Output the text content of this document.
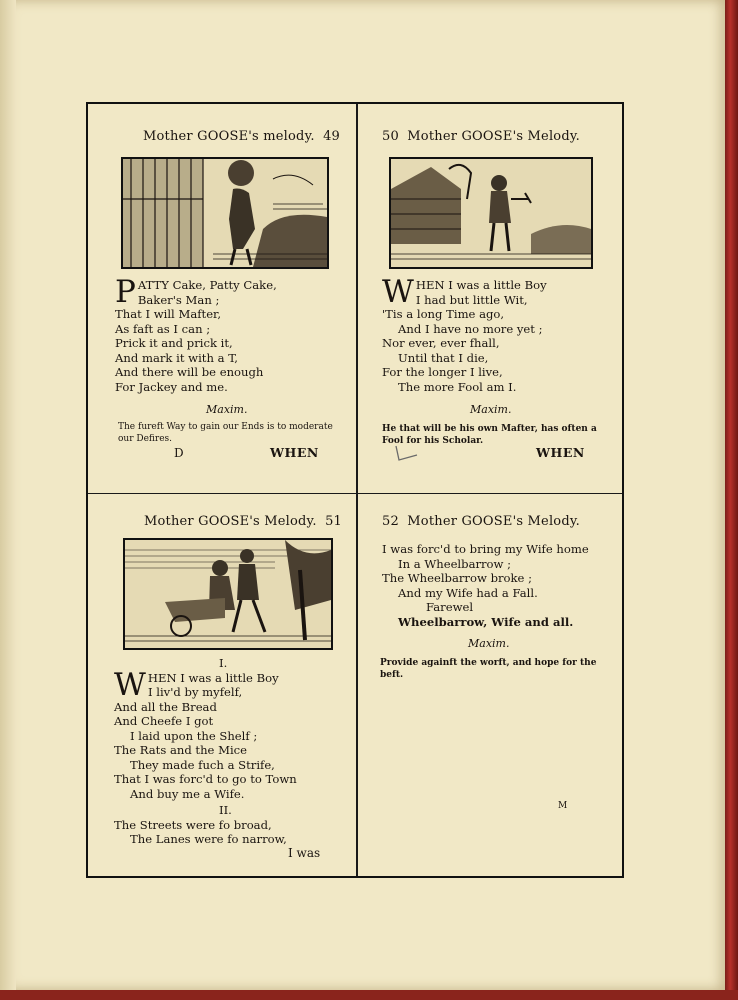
Mother GOOSE's melody. 49
P ATTY Cake, Patty Cake,
Baker's Man ;
That I will Mafter,
As faft as I can ;
Prick it and prick it,
And mark it with a T,
And there will be enough
For Jackey and me.
Maxim.
The fureft Way to gain our Ends is to moderate our Defires.
D	WHEN
50 Mother GOOSE's Melody.
W HEN I was a little Boy
I had but little Wit,
'Tis a long Time ago,
And I have no more yet ;
Nor ever, ever fhall,
Until that I die,
For the longer I live,
The more Fool am I.
Maxim.
He that will be his own Mafter, has often a Fool for his Scholar.
WHEN
Mother GOOSE's Melody. 51
I.
W HEN I was a little Boy
I liv'd by myfelf,
And all the Bread
And Cheefe I got
I laid upon the Shelf ;
The Rats and the Mice
They made fuch a Strife,
That I was forc'd to go to Town
And buy me a Wife.
II.
The Streets were fo broad,
The Lanes were fo narrow,
I was
52 Mother GOOSE's Melody.
I was forc'd to bring my Wife home
In a Wheelbarrow ;
The Wheelbarrow broke ;
And my Wife had a Fall.
Farewel
Wheelbarrow, Wife and all.
Maxim.
Provide againft the worft, and hope for the beft.
M
